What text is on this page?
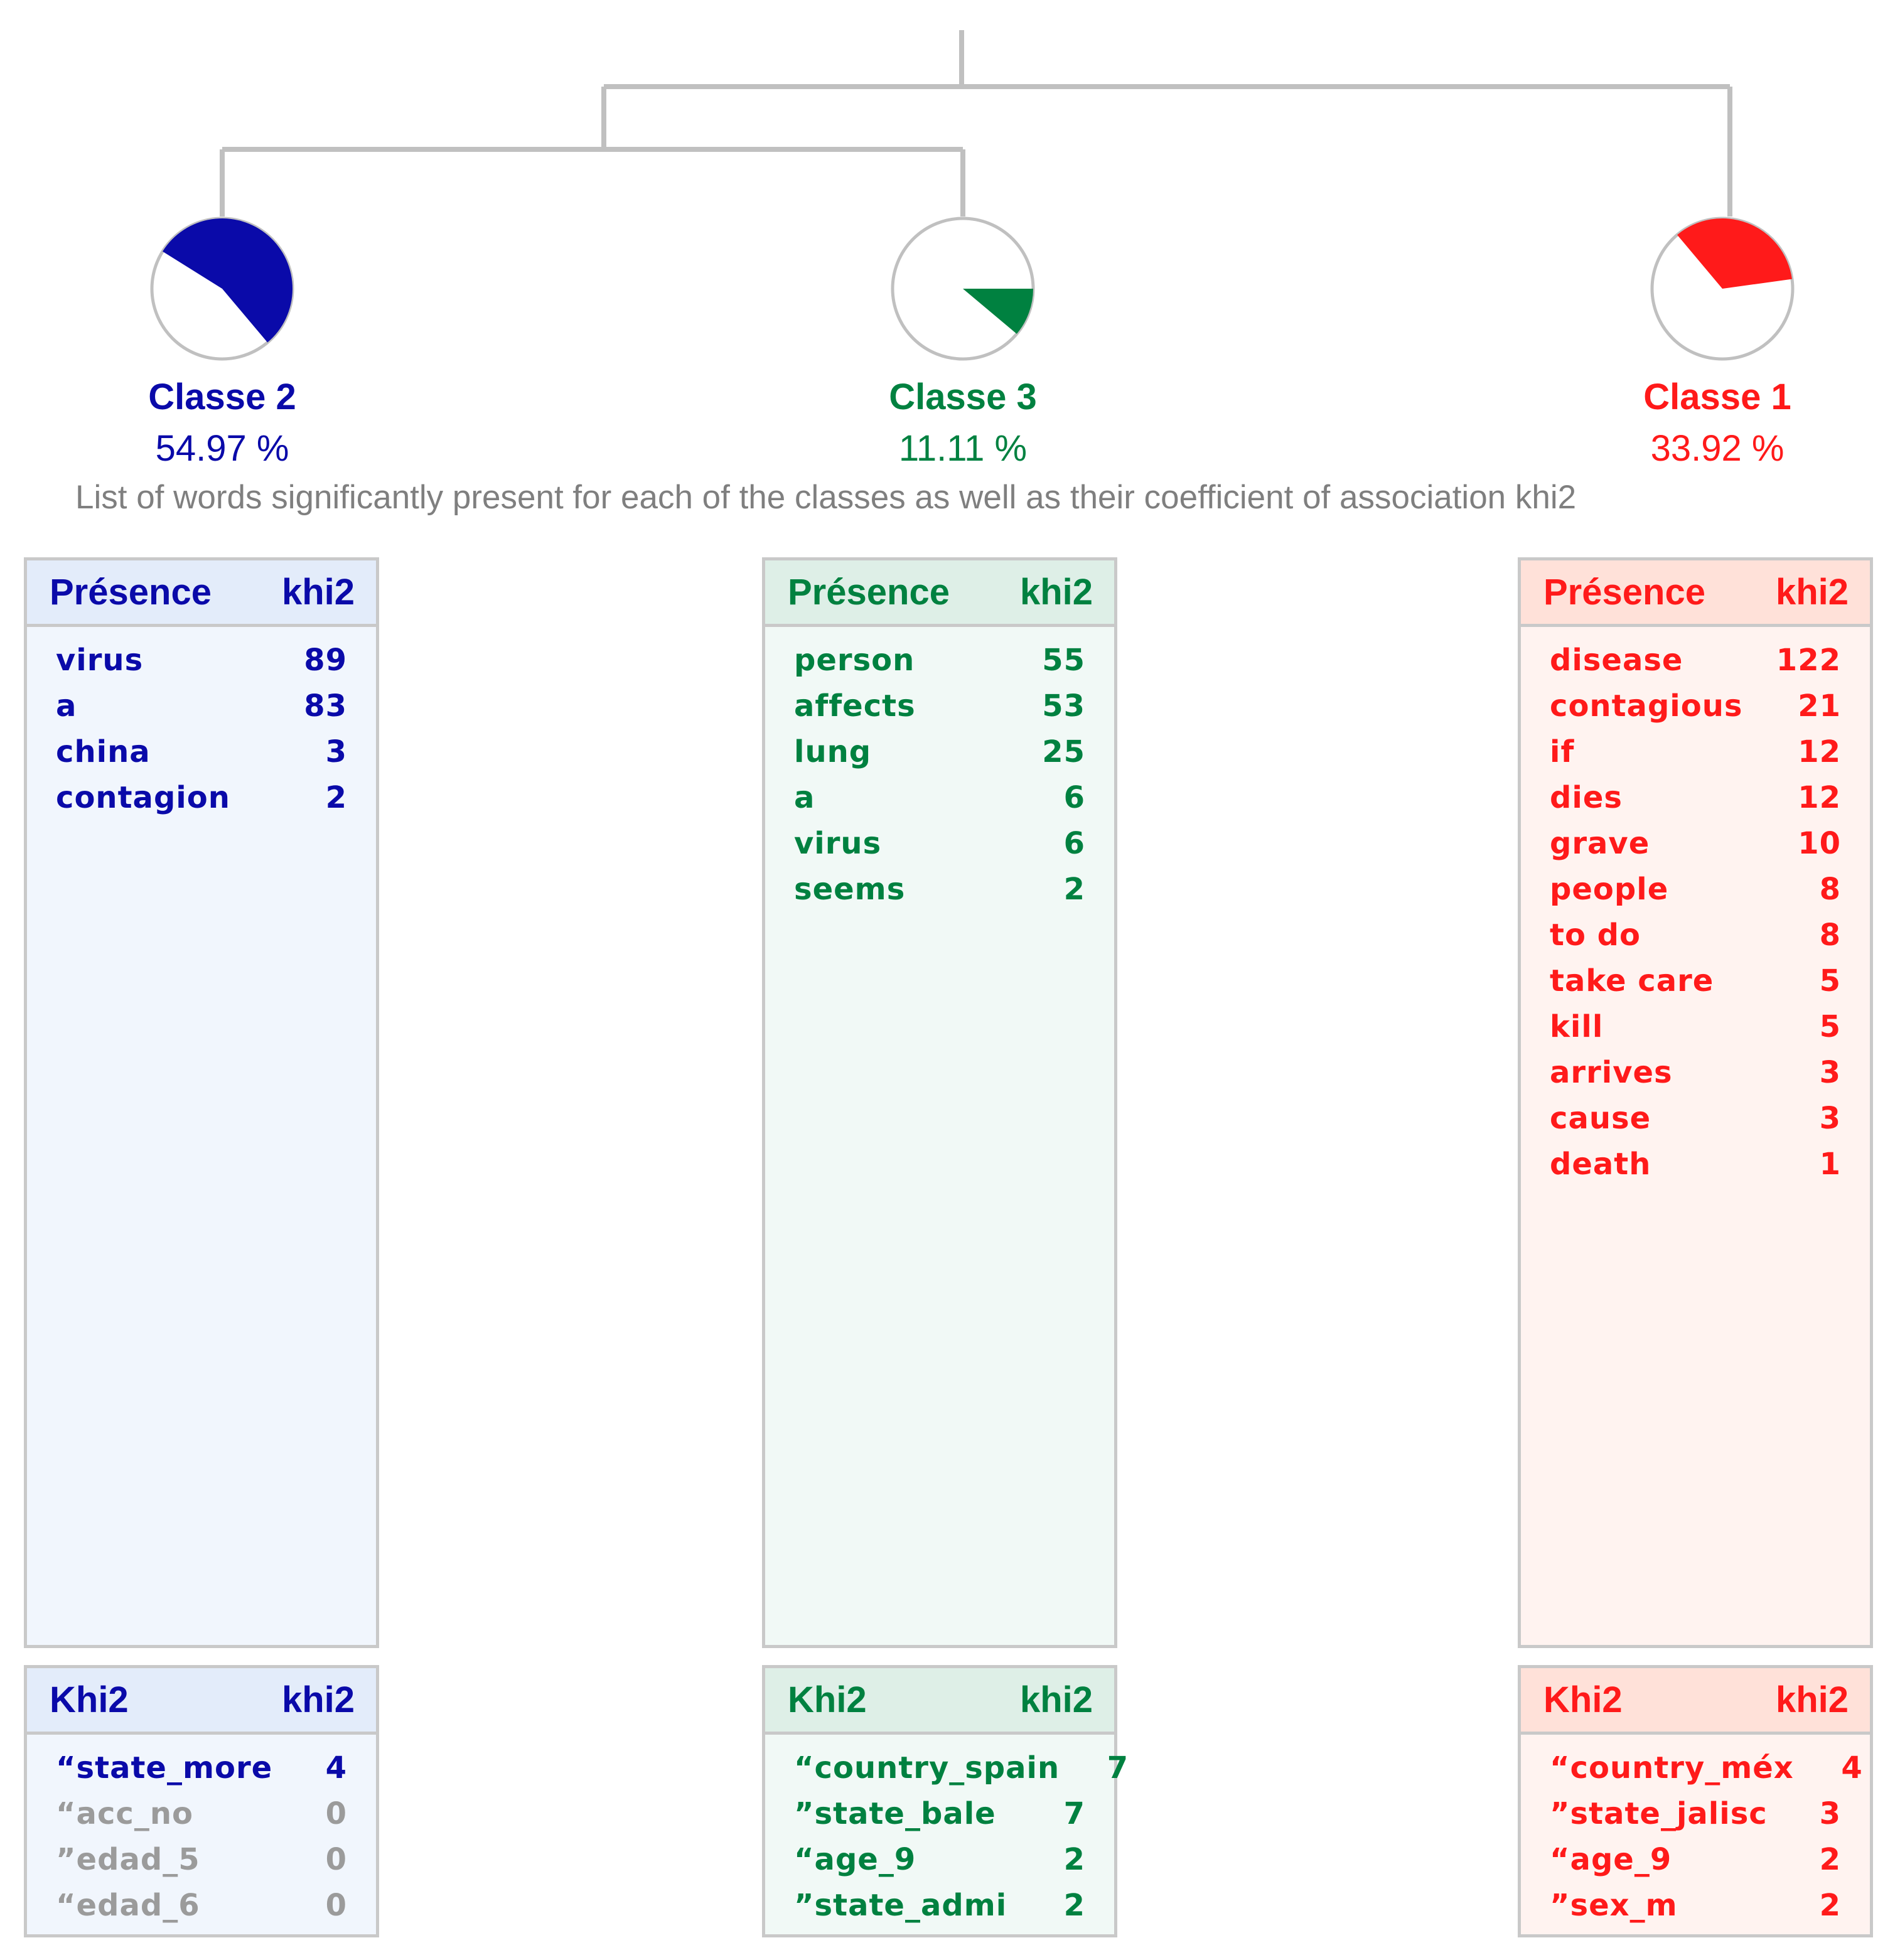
Classe 2
54.97 %
Classe 3
11.11 %
Classe 1
33.92 %
List of words significantly present for each of the classes as well as their coefficient of association khi2
Présence khi2
virus	89
a	83
china	3
contagion	2
Présence khi2
person	55
affects	53
lung	25
a	6
virus	6
seems	2
Présence khi2
disease	122
contagious	21
if	12
dies	12
grave	10
people	8
to do	8
take care	5
kill	5
arrives	3
cause	3
death	1
Khi2	khi2
“state_more	4
“acc_no	0
”edad_5	0
“edad_6	0
Khi2	khi2
“country_spain	7
”state_bale	7
“age_9	2
”state_admi	2
Khi2	khi2
“country_méx	4
”state_jalisc	3
“age_9	2
”sex_m	2
